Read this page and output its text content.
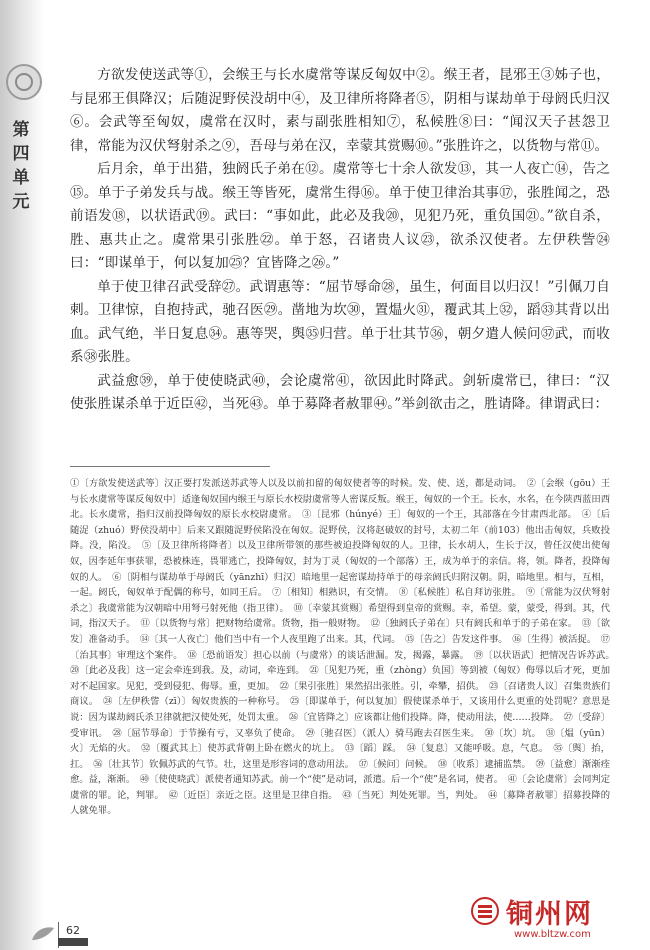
第
四
单
元

方欲发使送武等①，会缑王与长水虞常等谋反匈奴中②。缑王者，昆邪王③姊子也，与昆邪王俱降汉；后随浞野侯没胡中④，及卫律所将降者⑤，阴相与谋劫单于母阏氏归汉⑥。会武等至匈奴，虞常在汉时，素与副张胜相知⑦，私候胜⑧曰：“闻汉天子甚怨卫律，常能为汉伏弩射杀之⑨，吾母与弟在汉，幸蒙其赏赐⑩。”张胜许之，以货物与常⑪。

后月余，单于出猎，独阏氏子弟在⑫。虞常等七十余人欲发⑬，其一人夜亡⑭，告之⑮。单于子弟发兵与战。缑王等皆死，虞常生得⑯。单于使卫律治其事⑰，张胜闻之，恐前语发⑱，以状语武⑲。武曰：“事如此，此必及我⑳，见犯乃死，重负国㉑。”欲自杀，胜、惠共止之。虞常果引张胜㉒。单于怒，召诸贵人议㉓，欲杀汉使者。左伊秩訾㉔曰：“即谋单于，何以复加㉕？宜皆降之㉖。”

单于使卫律召武受辞㉗。武谓惠等：“屈节辱命㉘，虽生，何面目以归汉！”引佩刀自刺。卫律惊，自抱持武，驰召医㉙。凿地为坎㉚，置煴火㉛，覆武其上㉜，蹈㉝其背以出血。武气绝，半日复息㉞。惠等哭，舆㉟归营。单于壮其节㊱，朝夕遣人候问㊲武，而收系㊳张胜。

武益愈㊴，单于使使晓武㊵，会论虞常㊶，欲因此时降武。剑斩虞常已，律曰：“汉使张胜谋杀单于近臣㊷，当死㊸。单于募降者赦罪㊹。”举剑欲击之，胜请降。律谓武曰：

①〔方欲发使送武等〕汉正要打发派送苏武等人以及以前扣留的匈奴使者等的时候。发、使、送，都是动词。　②〔会缑（gōu）王与长水虞常等谋反匈奴中〕适逢匈奴国内缑王与原长水校尉虞常等人密谋反叛。缑王，匈奴的一个王。长水，水名，在今陕西蓝田西北。长水虞常，指归汉前投降匈奴的原长水校尉虞常。　③〔昆邪（húnyé）王〕匈奴的一个王，其部落在今甘肃西北部。　④〔后随浞（zhuó）野侯没胡中〕后来又跟随浞野侯陷没在匈奴。浞野侯，汉将赵破奴的封号，太初二年（前103）他出击匈奴，兵败投降。没，陷没。　⑤〔及卫律所将降者〕以及卫律所带领的那些被迫投降匈奴的人。卫律，长水胡人，生长于汉，曾任汉使出使匈奴，因李延年事获罪，恐被株连，畏罪逃亡，投降匈奴，封为丁灵（匈奴的一个部落）王，成为单于的亲信。将，领。降者，投降匈奴的人。　⑥〔阴相与谋劫单于母阏氏（yānzhī）归汉〕暗地里一起密谋劫持单于的母亲阏氏归附汉朝。阴，暗地里。相与，互相，一起。阏氏，匈奴单于配偶的称号，如同王后。　⑦〔相知〕相熟识，有交情。　⑧〔私候胜〕私自拜访张胜。　⑨〔常能为汉伏弩射杀之〕我虞常能为汉朝暗中用弩弓射死他（指卫律）。　⑩〔幸蒙其赏赐〕希望得到皇帝的赏赐。幸，希望。蒙，蒙受，得到。其，代词，指汉天子。　⑪〔以货物与常〕把财物给虞常。货物，指一般财物。　⑫〔独阏氏子弟在〕只有阏氏和单于的子弟在家。　⑬〔欲发〕准备动手。　⑭〔其一人夜亡〕他们当中有一个人夜里跑了出来。其，代词。　⑮〔告之〕告发这件事。　⑯〔生得〕被活捉。　⑰〔治其事〕审理这个案件。　⑱〔恐前语发〕担心以前（与虞常）的谈话泄漏。发，揭露，暴露。　⑲〔以状语武〕把情况告诉苏武。　⑳〔此必及我〕这一定会牵连到我。及，动词，牵连到。　㉑〔见犯乃死，重（zhòng）负国〕等到被（匈奴）侮辱以后才死，更加对不起国家。见犯，受到侵犯、侮辱。重，更加。　㉒〔果引张胜〕果然招出张胜。引，牵攀，招供。　㉓〔召诸贵人议〕召集贵族们商议。　㉔〔左伊秩訾（zī）〕匈奴贵族的一种称号。　㉕〔即谋单于，何以复加〕假使谋杀单于，又该用什么更重的处罚呢？意思是说：因为谋劫阏氏杀卫律就把汉使处死，处罚太重。　㉖〔宜皆降之〕应该都让他们投降。降，使动用法，使……投降。　㉗〔受辞〕受审讯。　㉘〔屈节辱命〕于节操有亏，又辜负了使命。　㉙〔驰召医〕（派人）骑马跑去召医生来。　㉚〔坎〕坑。　㉛〔煴（yūn）火〕无焰的火。　㉜〔覆武其上〕使苏武背朝上卧在燃火的坑上。　㉝〔蹈〕踩。　㉞〔复息〕又能呼吸。息，气息。　㉟〔舆〕抬，扛。　㊱〔壮其节〕钦佩苏武的气节。壮，这里是形容词的意动用法。　㊲〔候问〕问候。　㊳〔收系〕逮捕监禁。　㊴〔益愈〕渐渐痊愈。益，渐渐。　㊵〔使使晓武〕派使者通知苏武。前一个“使”是动词，派遣。后一个“使”是名词，使者。　㊶〔会论虞常〕会同判定虞常的罪。论，判罪。　㊷〔近臣〕亲近之臣。这里是卫律自指。　㊸〔当死〕判处死罪。当，判处。　㊹〔募降者赦罪〕招募投降的人就免罪。

62
铜州网
www.bltzw.com
